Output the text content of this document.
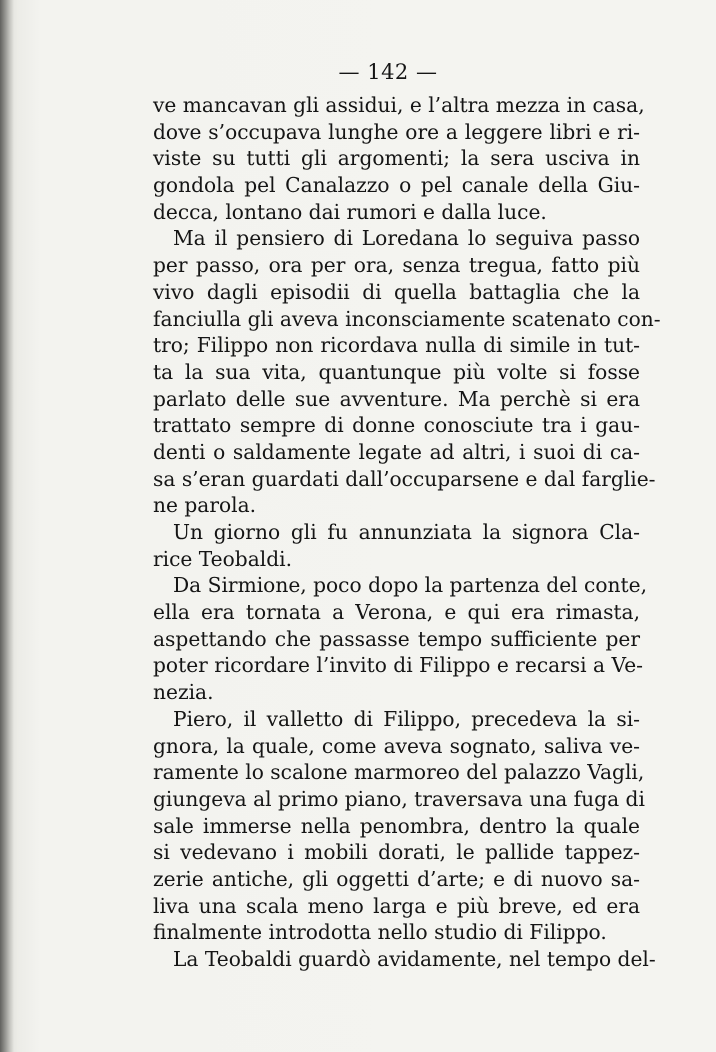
— 142 —
ve mancavan gli assidui, e l’altra mezza in casa,
dove s’occupava lunghe ore a leggere libri e ri-
viste su tutti gli argomenti; la sera usciva in
gondola pel Canalazzo o pel canale della Giu-
decca, lontano dai rumori e dalla luce.
Ma il pensiero di Loredana lo seguiva passo
per passo, ora per ora, senza tregua, fatto più
vivo dagli episodii di quella battaglia che la
fanciulla gli aveva inconsciamente scatenato con-
tro; Filippo non ricordava nulla di simile in tut-
ta la sua vita, quantunque più volte si fosse
parlato delle sue avventure. Ma perchè si era
trattato sempre di donne conosciute tra i gau-
denti o saldamente legate ad altri, i suoi di ca-
sa s’eran guardati dall’occuparsene e dal farglie-
ne parola.
Un giorno gli fu annunziata la signora Cla-
rice Teobaldi.
Da Sirmione, poco dopo la partenza del conte,
ella era tornata a Verona, e qui era rimasta,
aspettando che passasse tempo sufficiente per
poter ricordare l’invito di Filippo e recarsi a Ve-
nezia.
Piero, il valletto di Filippo, precedeva la si-
gnora, la quale, come aveva sognato, saliva ve-
ramente lo scalone marmoreo del palazzo Vagli,
giungeva al primo piano, traversava una fuga di
sale immerse nella penombra, dentro la quale
si vedevano i mobili dorati, le pallide tappez-
zerie antiche, gli oggetti d’arte; e di nuovo sa-
liva una scala meno larga e più breve, ed era
finalmente introdotta nello studio di Filippo.
La Teobaldi guardò avidamente, nel tempo del-
